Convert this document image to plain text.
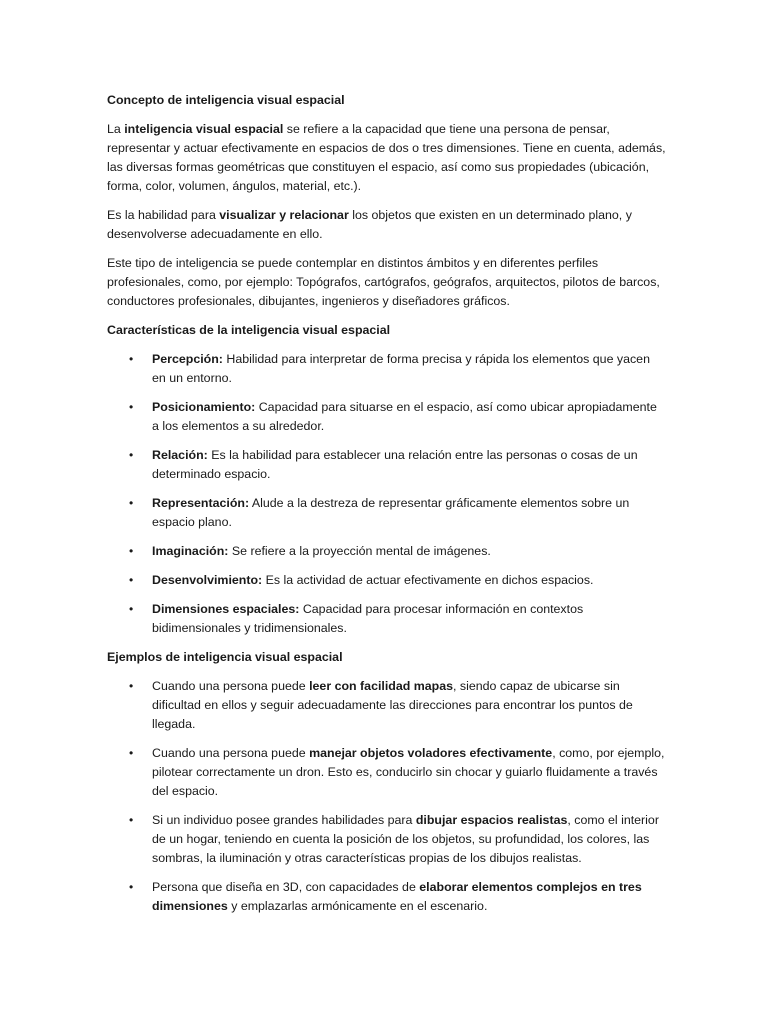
Concepto de inteligencia visual espacial

La inteligencia visual espacial se refiere a la capacidad que tiene una persona de pensar, representar y actuar efectivamente en espacios de dos o tres dimensiones. Tiene en cuenta, además, las diversas formas geométricas que constituyen el espacio, así como sus propiedades (ubicación, forma, color, volumen, ángulos, material, etc.).

Es la habilidad para visualizar y relacionar los objetos que existen en un determinado plano, y desenvolverse adecuadamente en ello.

Este tipo de inteligencia se puede contemplar en distintos ámbitos y en diferentes perfiles profesionales, como, por ejemplo: Topógrafos, cartógrafos, geógrafos, arquitectos, pilotos de barcos, conductores profesionales, dibujantes, ingenieros y diseñadores gráficos.

Características de la inteligencia visual espacial
• Percepción: Habilidad para interpretar de forma precisa y rápida los elementos que yacen en un entorno.
• Posicionamiento: Capacidad para situarse en el espacio, así como ubicar apropiadamente a los elementos a su alrededor.
• Relación: Es la habilidad para establecer una relación entre las personas o cosas de un determinado espacio.
• Representación: Alude a la destreza de representar gráficamente elementos sobre un espacio plano.
• Imaginación: Se refiere a la proyección mental de imágenes.
• Desenvolvimiento: Es la actividad de actuar efectivamente en dichos espacios.
• Dimensiones espaciales: Capacidad para procesar información en contextos bidimensionales y tridimensionales.
Ejemplos de inteligencia visual espacial
• Cuando una persona puede leer con facilidad mapas, siendo capaz de ubicarse sin dificultad en ellos y seguir adecuadamente las direcciones para encontrar los puntos de llegada.
• Cuando una persona puede manejar objetos voladores efectivamente, como, por ejemplo, pilotear correctamente un dron. Esto es, conducirlo sin chocar y guiarlo fluidamente a través del espacio.
• Si un individuo posee grandes habilidades para dibujar espacios realistas, como el interior de un hogar, teniendo en cuenta la posición de los objetos, su profundidad, los colores, las sombras, la iluminación y otras características propias de los dibujos realistas.
• Persona que diseña en 3D, con capacidades de elaborar elementos complejos en tres dimensiones y emplazarlas armónicamente en el escenario.
